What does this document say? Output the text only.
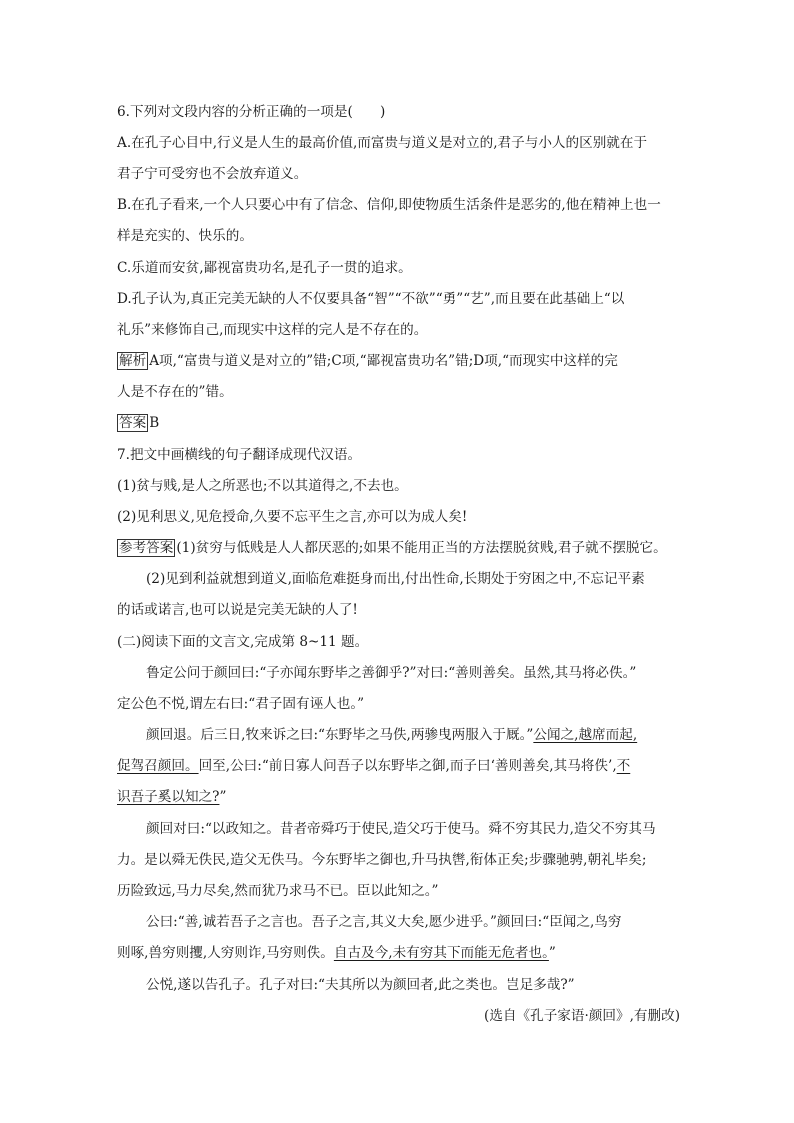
6.下列对文段内容的分析正确的一项是(　　)
A.在孔子心目中,行义是人生的最高价值,而富贵与道义是对立的,君子与小人的区别就在于
君子宁可受穷也不会放弃道义。
B.在孔子看来,一个人只要心中有了信念、信仰,即使物质生活条件是恶劣的,他在精神上也一
样是充实的、快乐的。
C.乐道而安贫,鄙视富贵功名,是孔子一贯的追求。
D.孔子认为,真正完美无缺的人不仅要具备“智”“不欲”“勇”“艺”,而且要在此基础上“以
礼乐”来修饰自己,而现实中这样的完人是不存在的。
解析 A项,“富贵与道义是对立的”错;C项,“鄙视富贵功名”错;D项,“而现实中这样的完
人是不存在的”错。
答案 B
7.把文中画横线的句子翻译成现代汉语。
(1)贫与贱,是人之所恶也;不以其道得之,不去也。
(2)见利思义,见危授命,久要不忘平生之言,亦可以为成人矣!
参考答案 (1)贫穷与低贱是人人都厌恶的;如果不能用正当的方法摆脱贫贱,君子就不摆脱它。
(2)见到利益就想到道义,面临危难挺身而出,付出性命,长期处于穷困之中,不忘记平素
的话或诺言,也可以说是完美无缺的人了!
(二)阅读下面的文言文,完成第 8~11 题。
鲁定公问于颜回曰:“子亦闻东野毕之善御乎?”对曰:“善则善矣。虽然,其马将必佚。”
定公色不悦,谓左右曰:“君子固有诬人也。”
颜回退。后三日,牧来诉之曰:“东野毕之马佚,两骖曳两服入于厩。”公闻之,越席而起,
促驾召颜回。回至,公曰:“前日寡人问吾子以东野毕之御,而子曰‘善则善矣,其马将佚’,不
识吾子奚以知之?”
颜回对曰:“以政知之。昔者帝舜巧于使民,造父巧于使马。舜不穷其民力,造父不穷其马
力。是以舜无佚民,造父无佚马。今东野毕之御也,升马执辔,衔体正矣;步骤驰骋,朝礼毕矣;
历险致远,马力尽矣,然而犹乃求马不已。臣以此知之。”
公曰:“善,诚若吾子之言也。吾子之言,其义大矣,愿少进乎。”颜回曰:“臣闻之,鸟穷
则啄,兽穷则攫,人穷则诈,马穷则佚。自古及今,未有穷其下而能无危者也。”
公悦,遂以告孔子。孔子对曰:“夫其所以为颜回者,此之类也。岂足多哉?”
(选自《孔子家语·颜回》,有删改)
